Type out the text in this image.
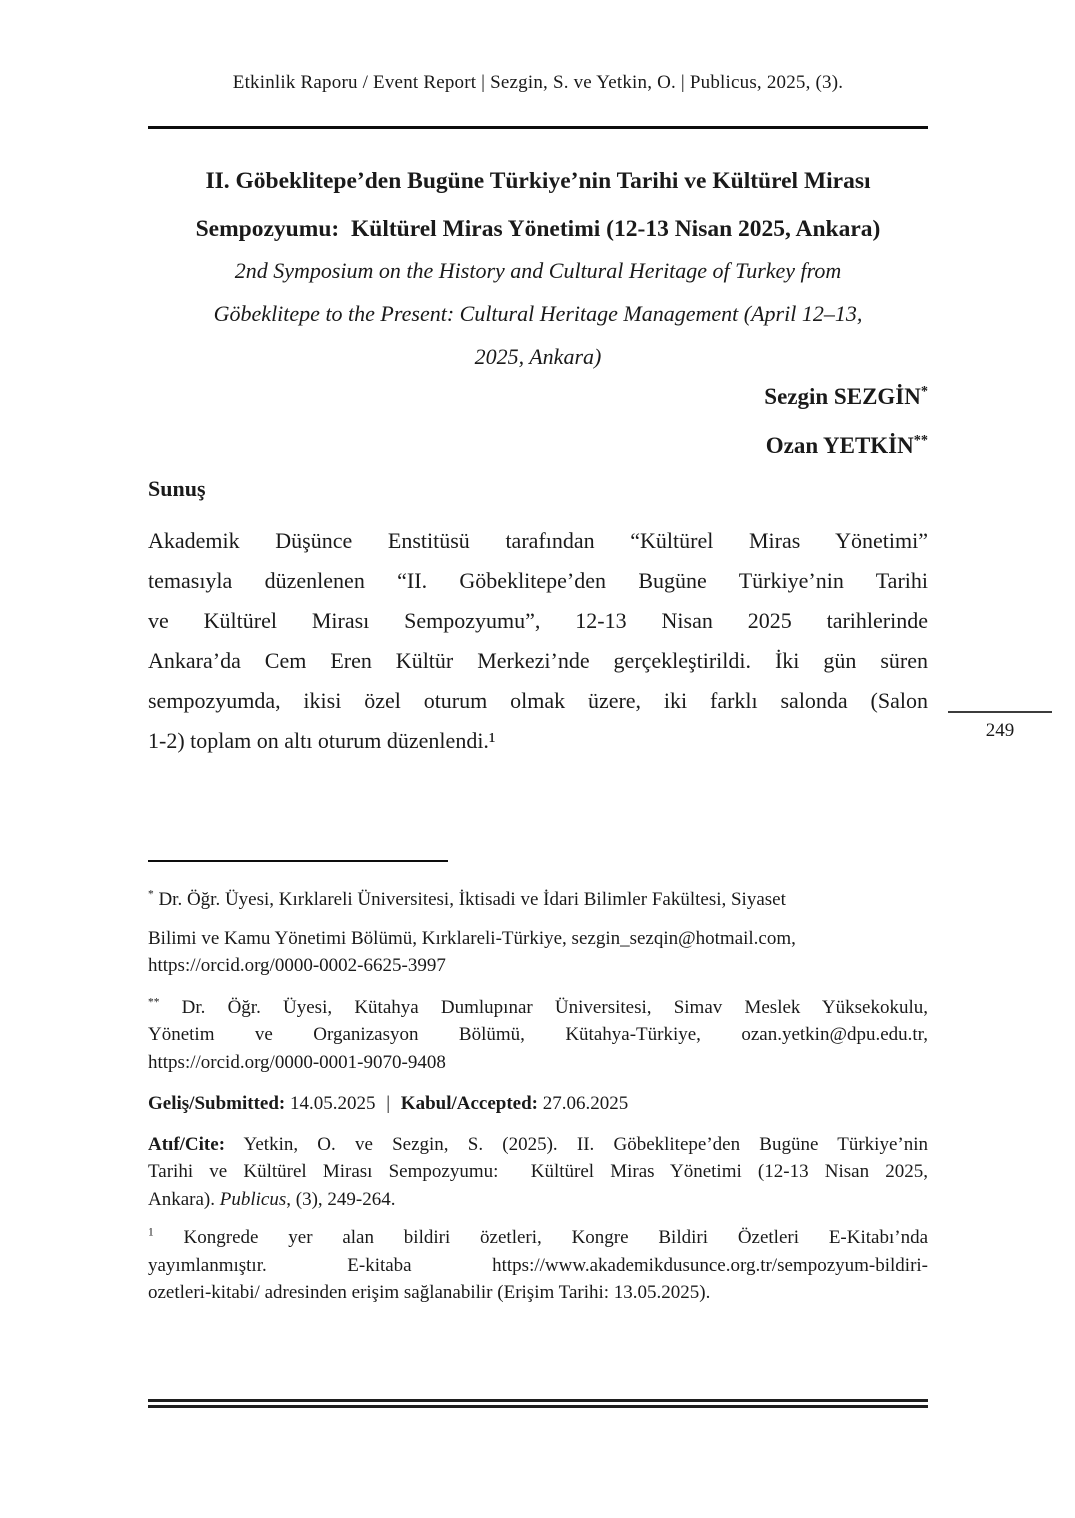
Etkinlik Raporu / Event Report | Sezgin, S. ve Yetkin, O. | Publicus, 2025, (3).
II. Göbeklitepe’den Bugüne Türkiye’nin Tarihi ve Kültürel Mirası
Sempozyumu:  Kültürel Miras Yönetimi (12-13 Nisan 2025, Ankara)
2nd Symposium on the History and Cultural Heritage of Turkey from
Göbeklitepe to the Present: Cultural Heritage Management (April 12–13,
2025, Ankara)
Sezgin SEZGİN*
Ozan YETKİN**
Sunuş
Akademik Düşünce Enstitüsü tarafından “Kültürel Miras Yönetimi”
temasıyla düzenlenen “II. Göbeklitepe’den Bugüne Türkiye’nin Tarihi
ve Kültürel Mirası Sempozyumu”, 12-13 Nisan 2025 tarihlerinde
Ankara’da Cem Eren Kültür Merkezi’nde gerçekleştirildi. İki gün süren
sempozyumda, ikisi özel oturum olmak üzere, iki farklı salonda (Salon
1-2) toplam on altı oturum düzenlendi.¹	249
* Dr. Öğr. Üyesi, Kırklareli Üniversitesi, İktisadi ve İdari Bilimler Fakültesi, Siyaset
Bilimi ve Kamu Yönetimi Bölümü, Kırklareli-Türkiye, sezgin_sezqin@hotmail.com,
https://orcid.org/0000-0002-6625-3997
** Dr. Öğr. Üyesi, Kütahya Dumlupınar Üniversitesi, Simav Meslek Yüksekokulu,
Yönetim ve Organizasyon Bölümü, Kütahya-Türkiye, ozan.yetkin@dpu.edu.tr,
https://orcid.org/0000-0001-9070-9408
Geliş/Submitted: 14.05.2025 | Kabul/Accepted: 27.06.2025
Atıf/Cite: Yetkin, O. ve Sezgin, S. (2025). II. Göbeklitepe’den Bugüne Türkiye’nin
Tarihi ve Kültürel Mirası Sempozyumu:  Kültürel Miras Yönetimi (12-13 Nisan 2025,
Ankara). Publicus, (3), 249-264.
$^1$ Kongrede yer alan bildiri özetleri, Kongre Bildiri Özetleri E-Kitabı’nda
yayımlanmıştır. E-kitaba https://www.akademikdusunce.org.tr/sempozyum-bildiri-
ozetleri-kitabi/ adresinden erişim sağlanabilir (Erişim Tarihi: 13.05.2025).
